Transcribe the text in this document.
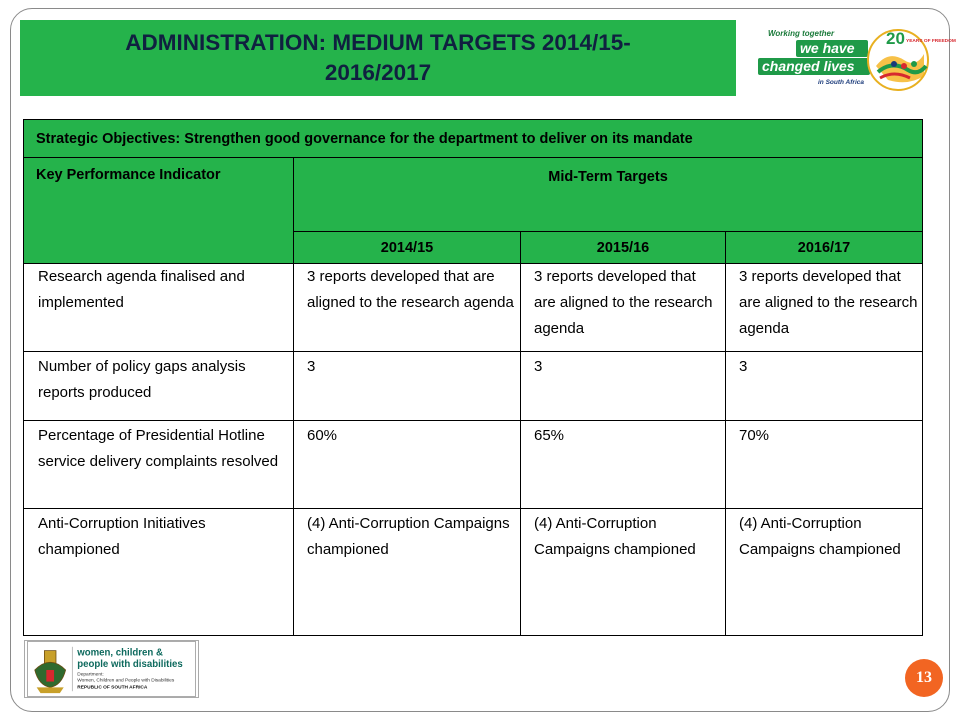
ADMINISTRATION: MEDIUM TARGETS 2014/15-
2016/2017
Working together
we have
changed lives
in South Africa
20 YEARS OF FREEDOM
Strategic Objectives: Strengthen good governance for the department to deliver on its mandate			
Key Performance Indicator	Mid-Term Targets		
	2014/15	2015/16	2016/17
Research agenda finalised and implemented	3 reports developed that are aligned to the research agenda	3 reports developed that are aligned to the research agenda	3 reports developed that are aligned to the research agenda
Number of policy gaps analysis reports produced	3	3	3
Percentage of Presidential Hotline service delivery complaints resolved	60%	65%	70%
Anti-Corruption Initiatives championed	(4) Anti-Corruption Campaigns championed	(4) Anti-Corruption Campaigns championed	(4) Anti-Corruption Campaigns championed
women, children &
people with disabilities
Department:
Women, Children and People with Disabilities
REPUBLIC OF SOUTH AFRICA
13
